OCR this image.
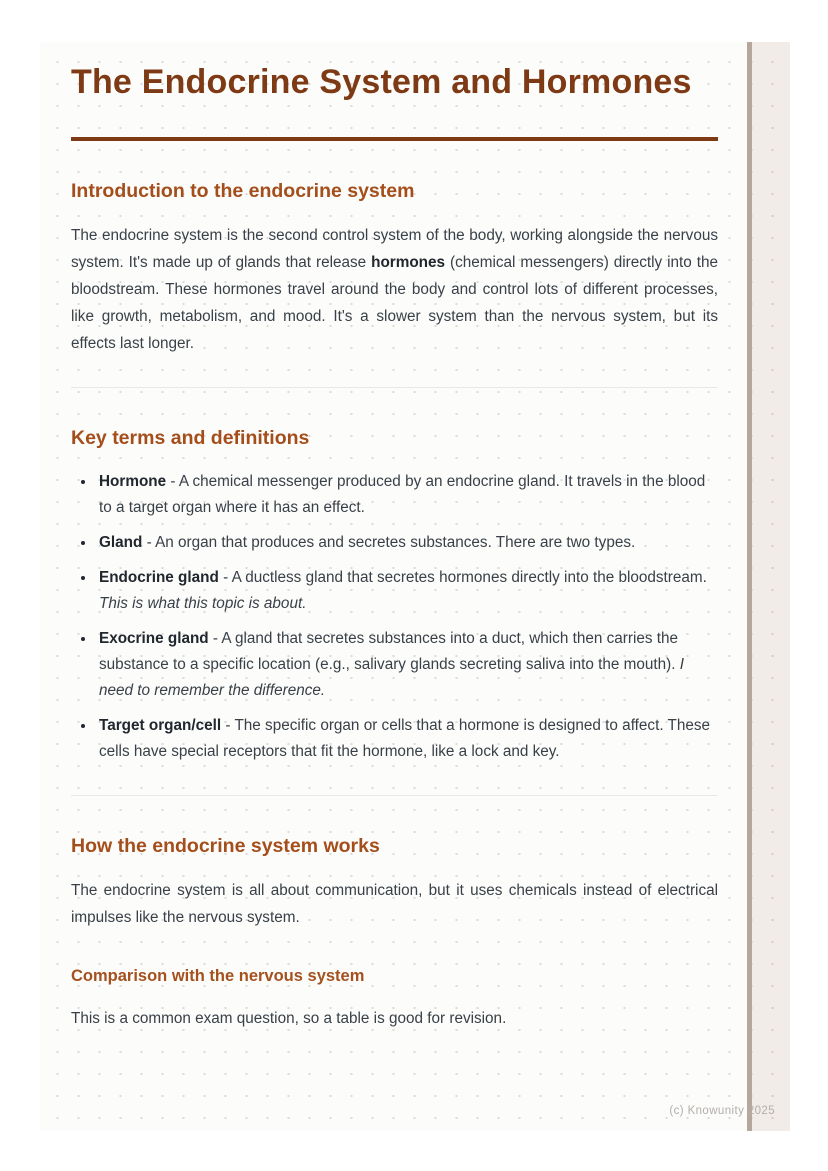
The Endocrine System and Hormones
Introduction to the endocrine system

The endocrine system is the second control system of the body, working alongside the nervous system. It's made up of glands that release hormones (chemical messengers) directly into the bloodstream. These hormones travel around the body and control lots of different processes, like growth, metabolism, and mood. It's a slower system than the nervous system, but its effects last longer.

Key terms and definitions
• Hormone - A chemical messenger produced by an endocrine gland. It travels in the blood to a target organ where it has an effect.
• Gland - An organ that produces and secretes substances. There are two types.
• Endocrine gland - A ductless gland that secretes hormones directly into the bloodstream. This is what this topic is about.
• Exocrine gland - A gland that secretes substances into a duct, which then carries the substance to a specific location (e.g., salivary glands secreting saliva into the mouth). I need to remember the difference.
• Target organ/cell - The specific organ or cells that a hormone is designed to affect. These cells have special receptors that fit the hormone, like a lock and key.
How the endocrine system works

The endocrine system is all about communication, but it uses chemicals instead of electrical impulses like the nervous system.

Comparison with the nervous system

This is a common exam question, so a table is good for revision.

(c) Knowunity 2025
